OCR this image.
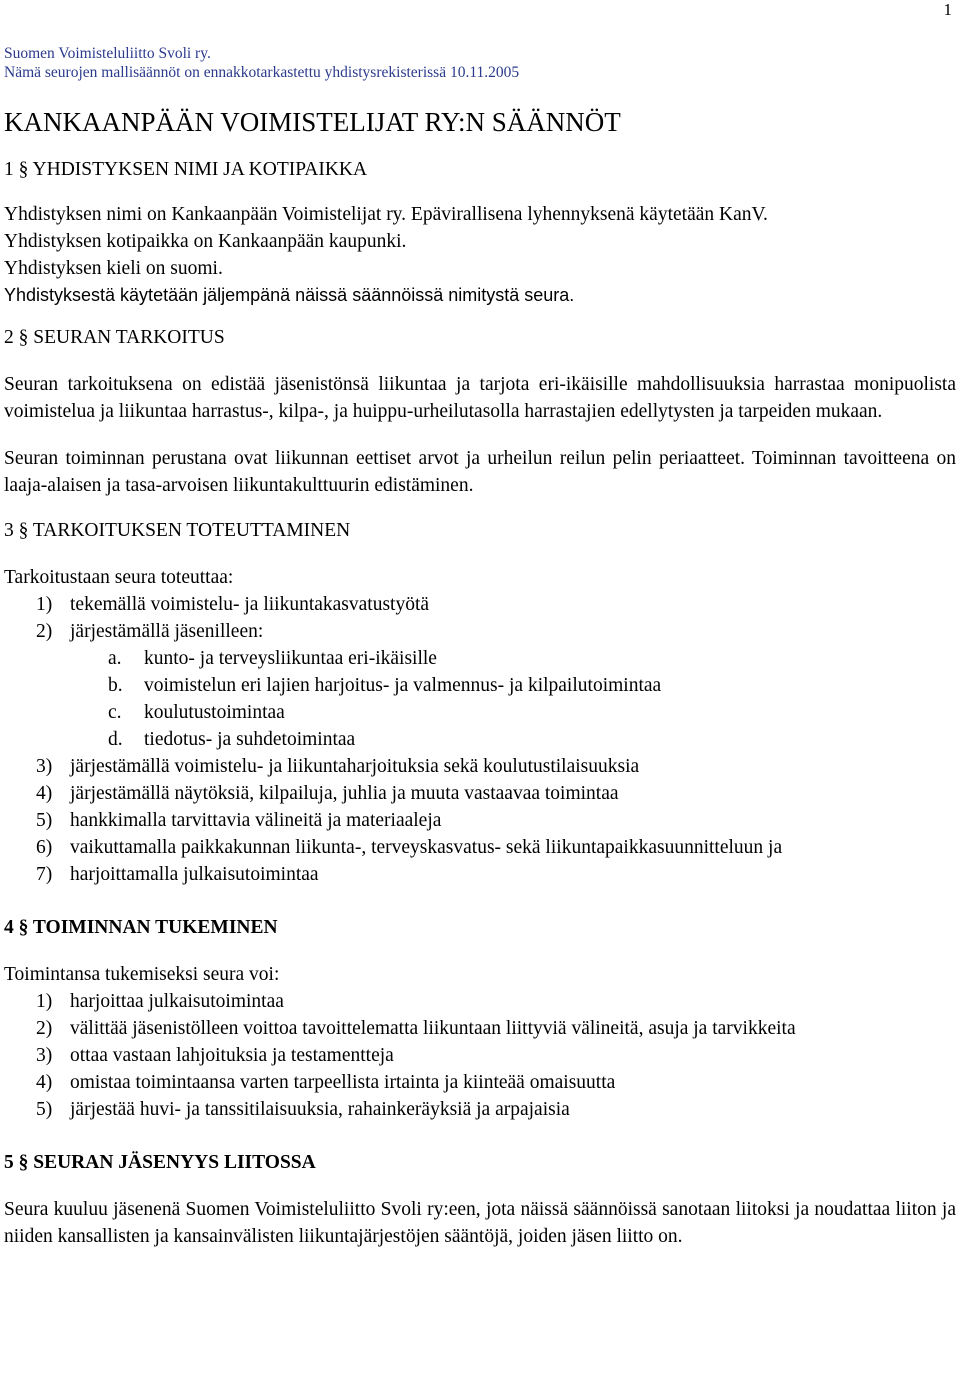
1
Suomen Voimisteluliitto Svoli ry.
Nämä seurojen mallisäännöt on ennakkotarkastettu yhdistysrekisterissä 10.11.2005
KANKAANPÄÄN VOIMISTELIJAT RY:N SÄÄNNÖT
1 § YHDISTYKSEN NIMI JA KOTIPAIKKA
Yhdistyksen nimi on Kankaanpään Voimistelijat ry. Epävirallisena lyhennyksenä käytetään KanV.
Yhdistyksen kotipaikka on Kankaanpään kaupunki.
Yhdistyksen kieli on suomi.
Yhdistyksestä käytetään jäljempänä näissä säännöissä nimitystä seura.
2 § SEURAN TARKOITUS
Seuran tarkoituksena on edistää jäsenistönsä liikuntaa ja tarjota eri-ikäisille mahdollisuuksia harrastaa monipuolista voimistelua ja liikuntaa harrastus-, kilpa-, ja huippu-urheilutasolla harrastajien edellytysten ja tarpeiden mukaan.
Seuran toiminnan perustana ovat liikunnan eettiset arvot ja urheilun reilun pelin periaatteet. Toiminnan tavoitteena on laaja-alaisen ja tasa-arvoisen liikuntakulttuurin edistäminen.
3 § TARKOITUKSEN TOTEUTTAMINEN
Tarkoitustaan seura toteuttaa:
1) tekemällä voimistelu- ja liikuntakasvatustyötä
2) järjestämällä jäsenilleen:
a.	kunto- ja terveysliikuntaa eri-ikäisille
b.	voimistelun eri lajien harjoitus- ja valmennus- ja kilpailutoimintaa
c.	koulutustoimintaa
d.	tiedotus- ja suhdetoimintaa
3) järjestämällä voimistelu- ja liikuntaharjoituksia sekä koulutustilaisuuksia
4) järjestämällä näytöksiä, kilpailuja, juhlia ja muuta vastaavaa toimintaa
5) hankkimalla tarvittavia välineitä ja materiaaleja
6) vaikuttamalla paikkakunnan liikunta-, terveyskasvatus- sekä liikuntapaikkasuunnitteluun ja
7) harjoittamalla julkaisutoimintaa
4 § TOIMINNAN TUKEMINEN
Toimintansa tukemiseksi seura voi:
1) harjoittaa julkaisutoimintaa
2) välittää jäsenistölleen voittoa tavoittelematta liikuntaan liittyviä välineitä, asuja ja tarvikkeita
3) ottaa vastaan lahjoituksia ja testamentteja
4) omistaa toimintaansa varten tarpeellista irtainta ja kiinteää omaisuutta
5) järjestää huvi- ja tanssitilaisuuksia, rahainkeräyksiä ja arpajaisia
5 § SEURAN JÄSENYYS LIITOSSA
Seura kuuluu jäsenenä Suomen Voimisteluliitto Svoli ry:een, jota näissä säännöissä sanotaan liitoksi ja noudattaa liiton ja niiden kansallisten ja kansainvälisten liikuntajärjestöjen sääntöjä, joiden jäsen liitto on.
